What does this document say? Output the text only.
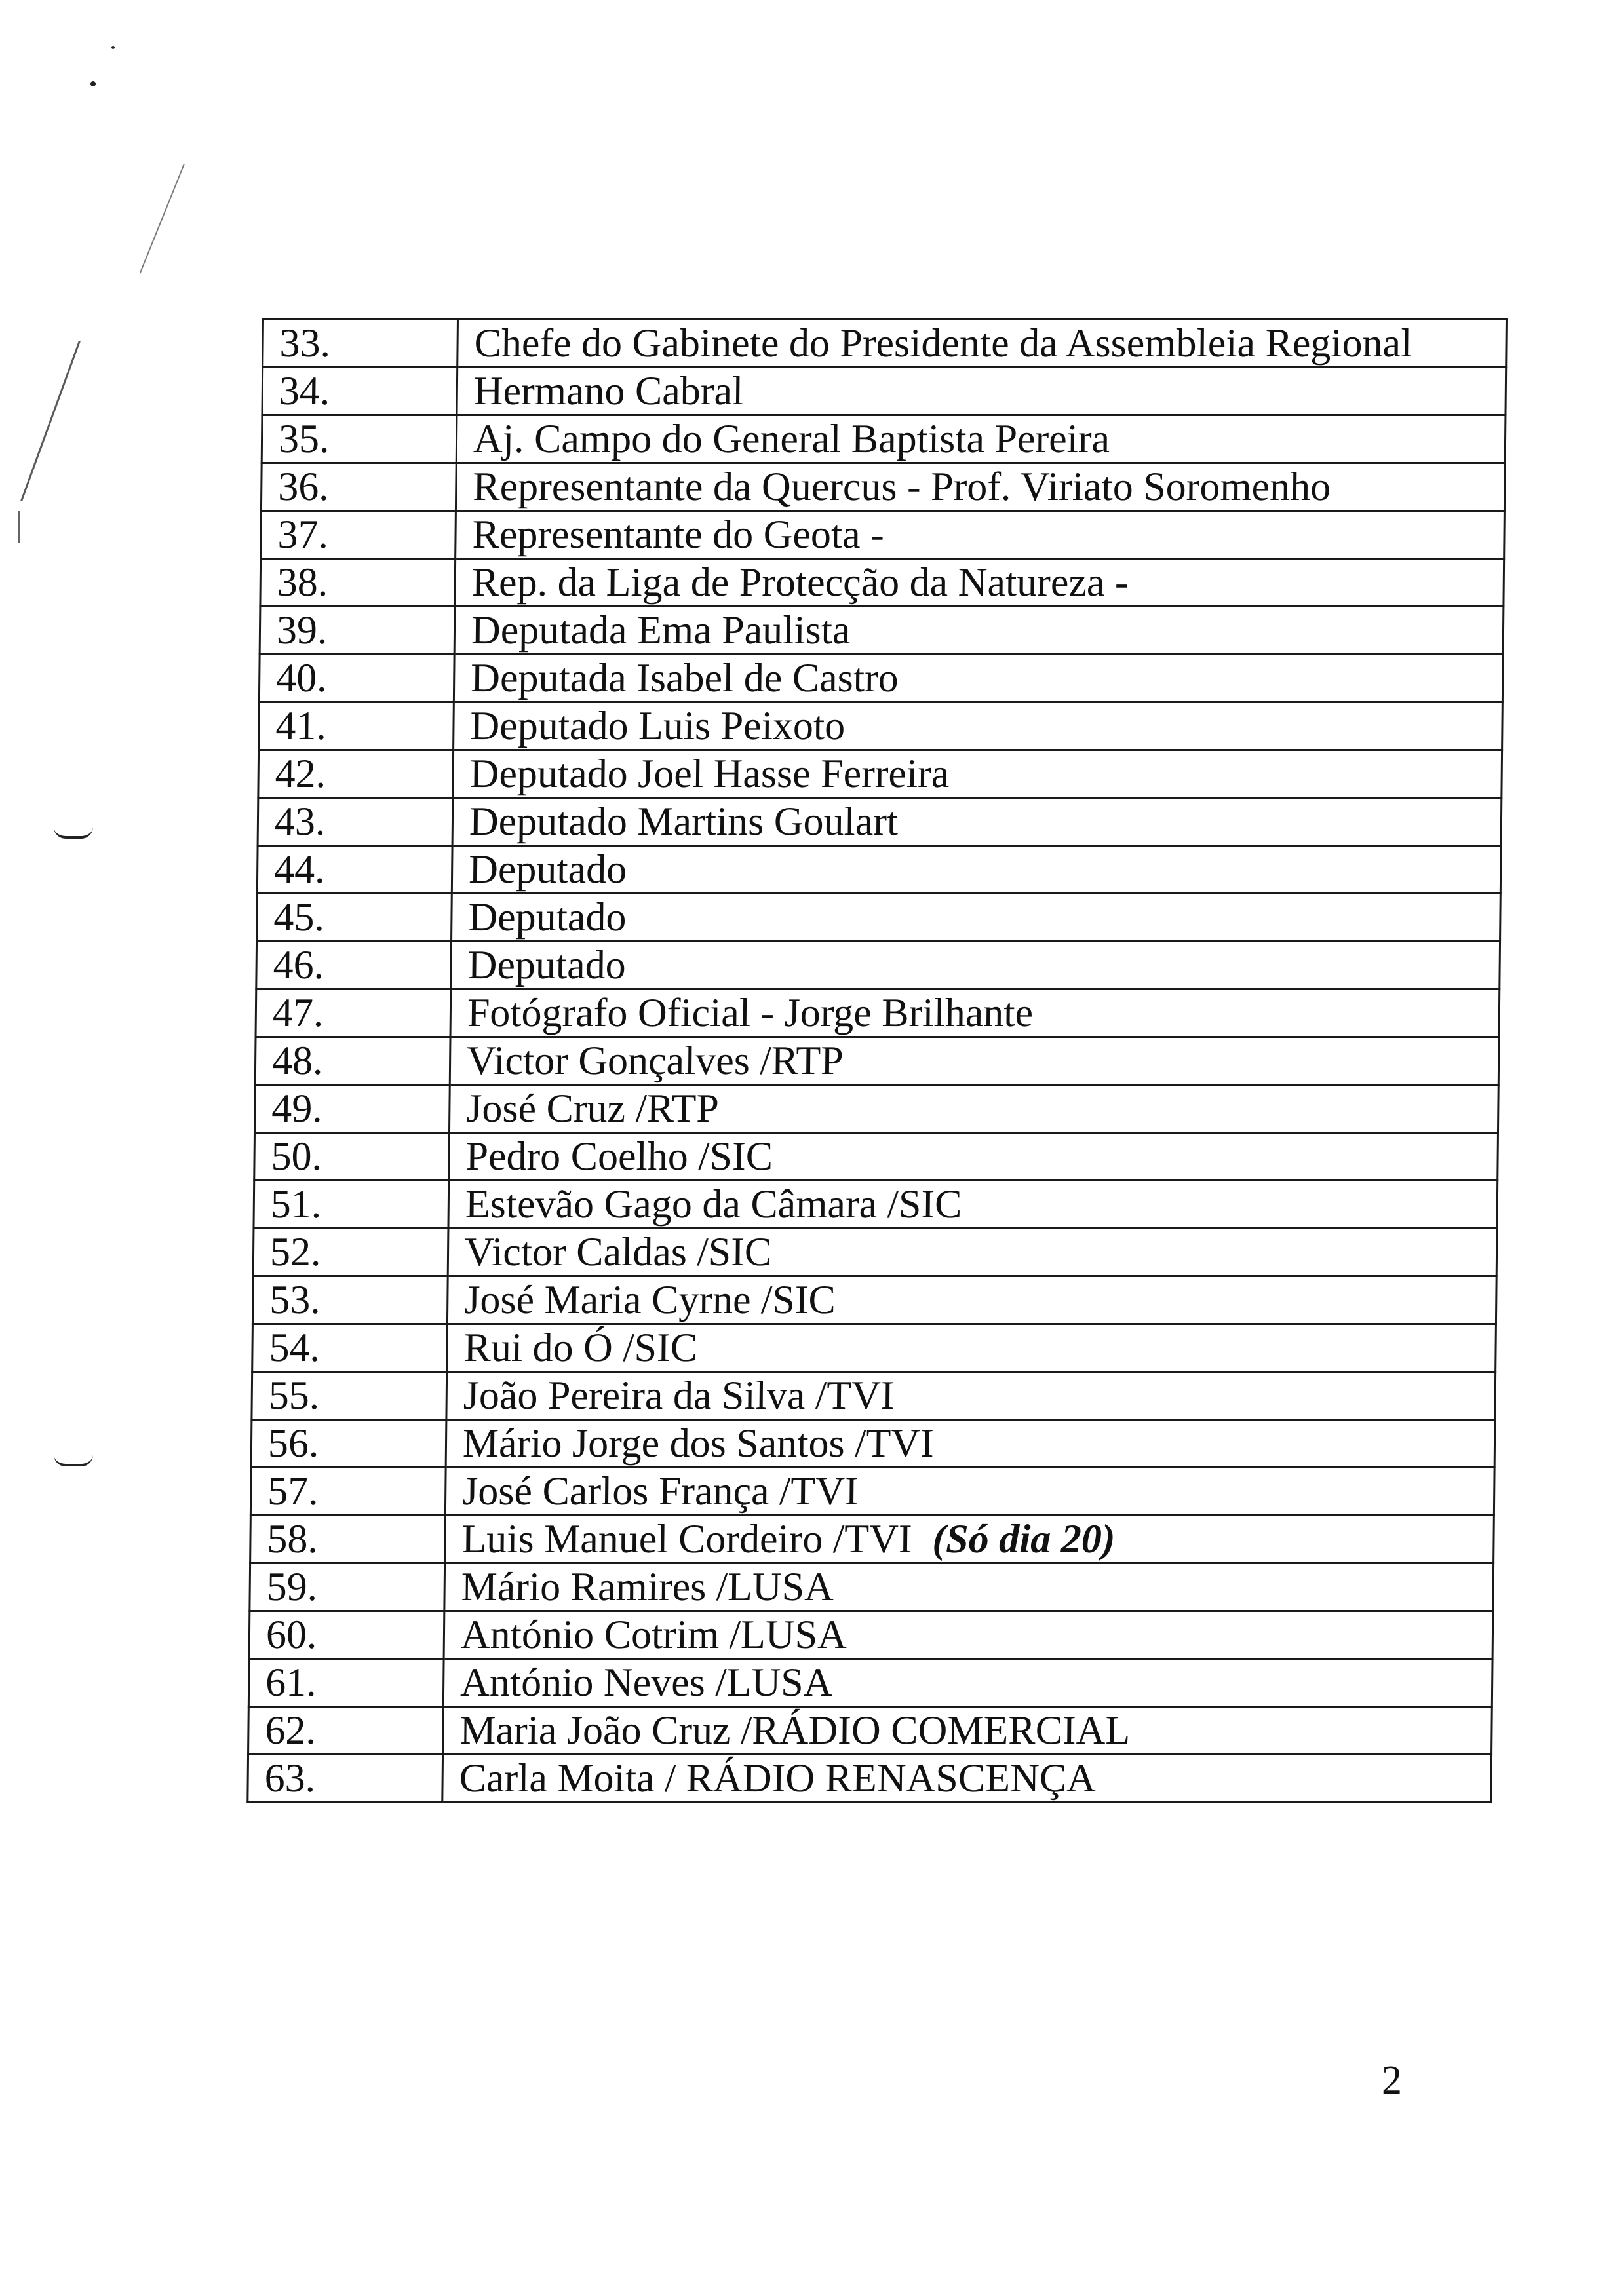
33.	Chefe do Gabinete do Presidente da Assembleia Regional
34.	Hermano Cabral
35.	Aj. Campo do General Baptista Pereira
36.	Representante da Quercus - Prof. Viriato Soromenho
37.	Representante do Geota -
38.	Rep. da Liga de Protecção da Natureza -
39.	Deputada Ema Paulista
40.	Deputada Isabel de Castro
41.	Deputado Luis Peixoto
42.	Deputado Joel Hasse Ferreira
43.	Deputado Martins Goulart
44.	Deputado
45.	Deputado
46.	Deputado
47.	Fotógrafo Oficial - Jorge Brilhante
48.	Victor Gonçalves /RTP
49.	José Cruz /RTP
50.	Pedro Coelho /SIC
51.	Estevão Gago da Câmara /SIC
52.	Victor Caldas /SIC
53.	José Maria Cyrne /SIC
54.	Rui do Ó /SIC
55.	João Pereira da Silva /TVI
56.	Mário Jorge dos Santos /TVI
57.	José Carlos França /TVI
58.	Luis Manuel Cordeiro /TVI (Só dia 20)
59.	Mário Ramires /LUSA
60.	António Cotrim /LUSA
61.	António Neves /LUSA
62.	Maria João Cruz /RÁDIO COMERCIAL
63.	Carla Moita / RÁDIO RENASCENÇA
2
